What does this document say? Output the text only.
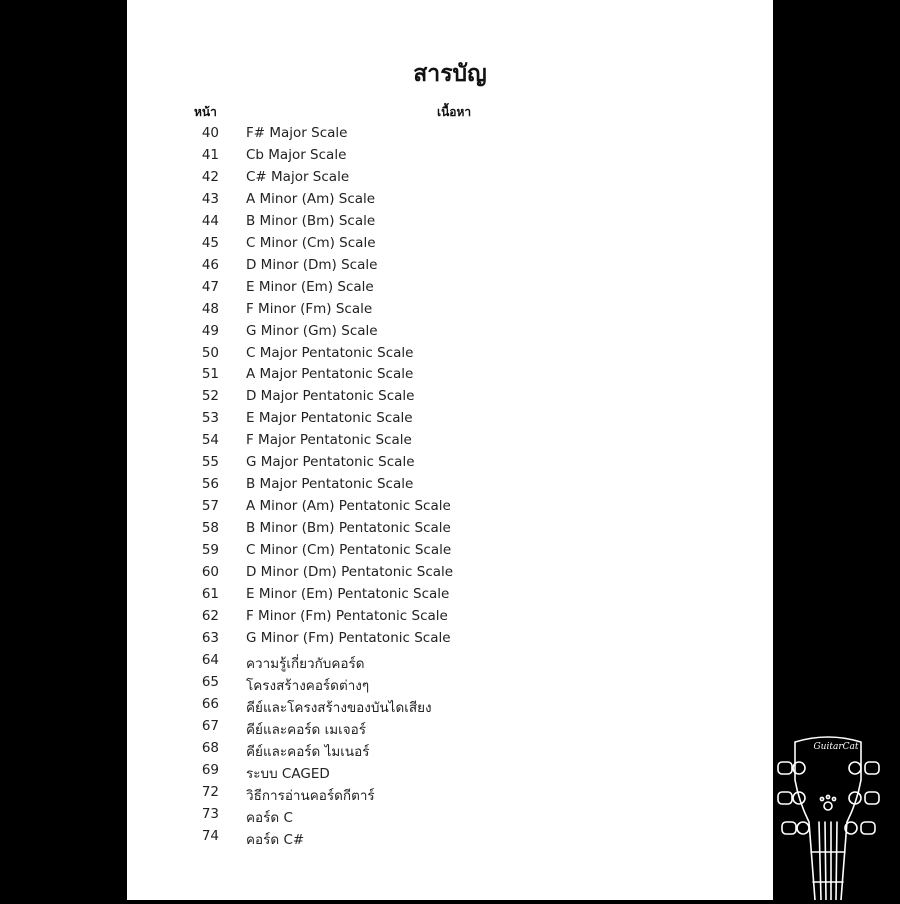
สารบัญ
หน้า	เนื้อหา
40 F# Major Scale
41 Cb Major Scale
42 C# Major Scale
43 A Minor (Am) Scale
44 B Minor (Bm) Scale
45 C Minor (Cm) Scale
46 D Minor (Dm) Scale
47 E Minor (Em) Scale
48 F Minor (Fm) Scale
49 G Minor (Gm) Scale
50 C Major Pentatonic Scale
51 A Major Pentatonic Scale
52 D Major Pentatonic Scale
53 E Major Pentatonic Scale
54 F Major Pentatonic Scale
55 G Major Pentatonic Scale
56 B Major Pentatonic Scale
57 A Minor (Am) Pentatonic Scale
58 B Minor (Bm) Pentatonic Scale
59 C Minor (Cm) Pentatonic Scale
60 D Minor (Dm) Pentatonic Scale
61 E Minor (Em) Pentatonic Scale
62 F Minor (Fm) Pentatonic Scale
63 G Minor (Fm) Pentatonic Scale
64 ความรู้เกี่ยวกับคอร์ด
65 โครงสร้างคอร์ดต่างๆ
66 คีย์และโครงสร้างของบันไดเสียง
67 คีย์และคอร์ด เมเจอร์
68 คีย์และคอร์ด ไมเนอร์
69 ระบบ CAGED
72 วิธีการอ่านคอร์ดกีตาร์
73 คอร์ด C
74 คอร์ด C#
GuitarCat
